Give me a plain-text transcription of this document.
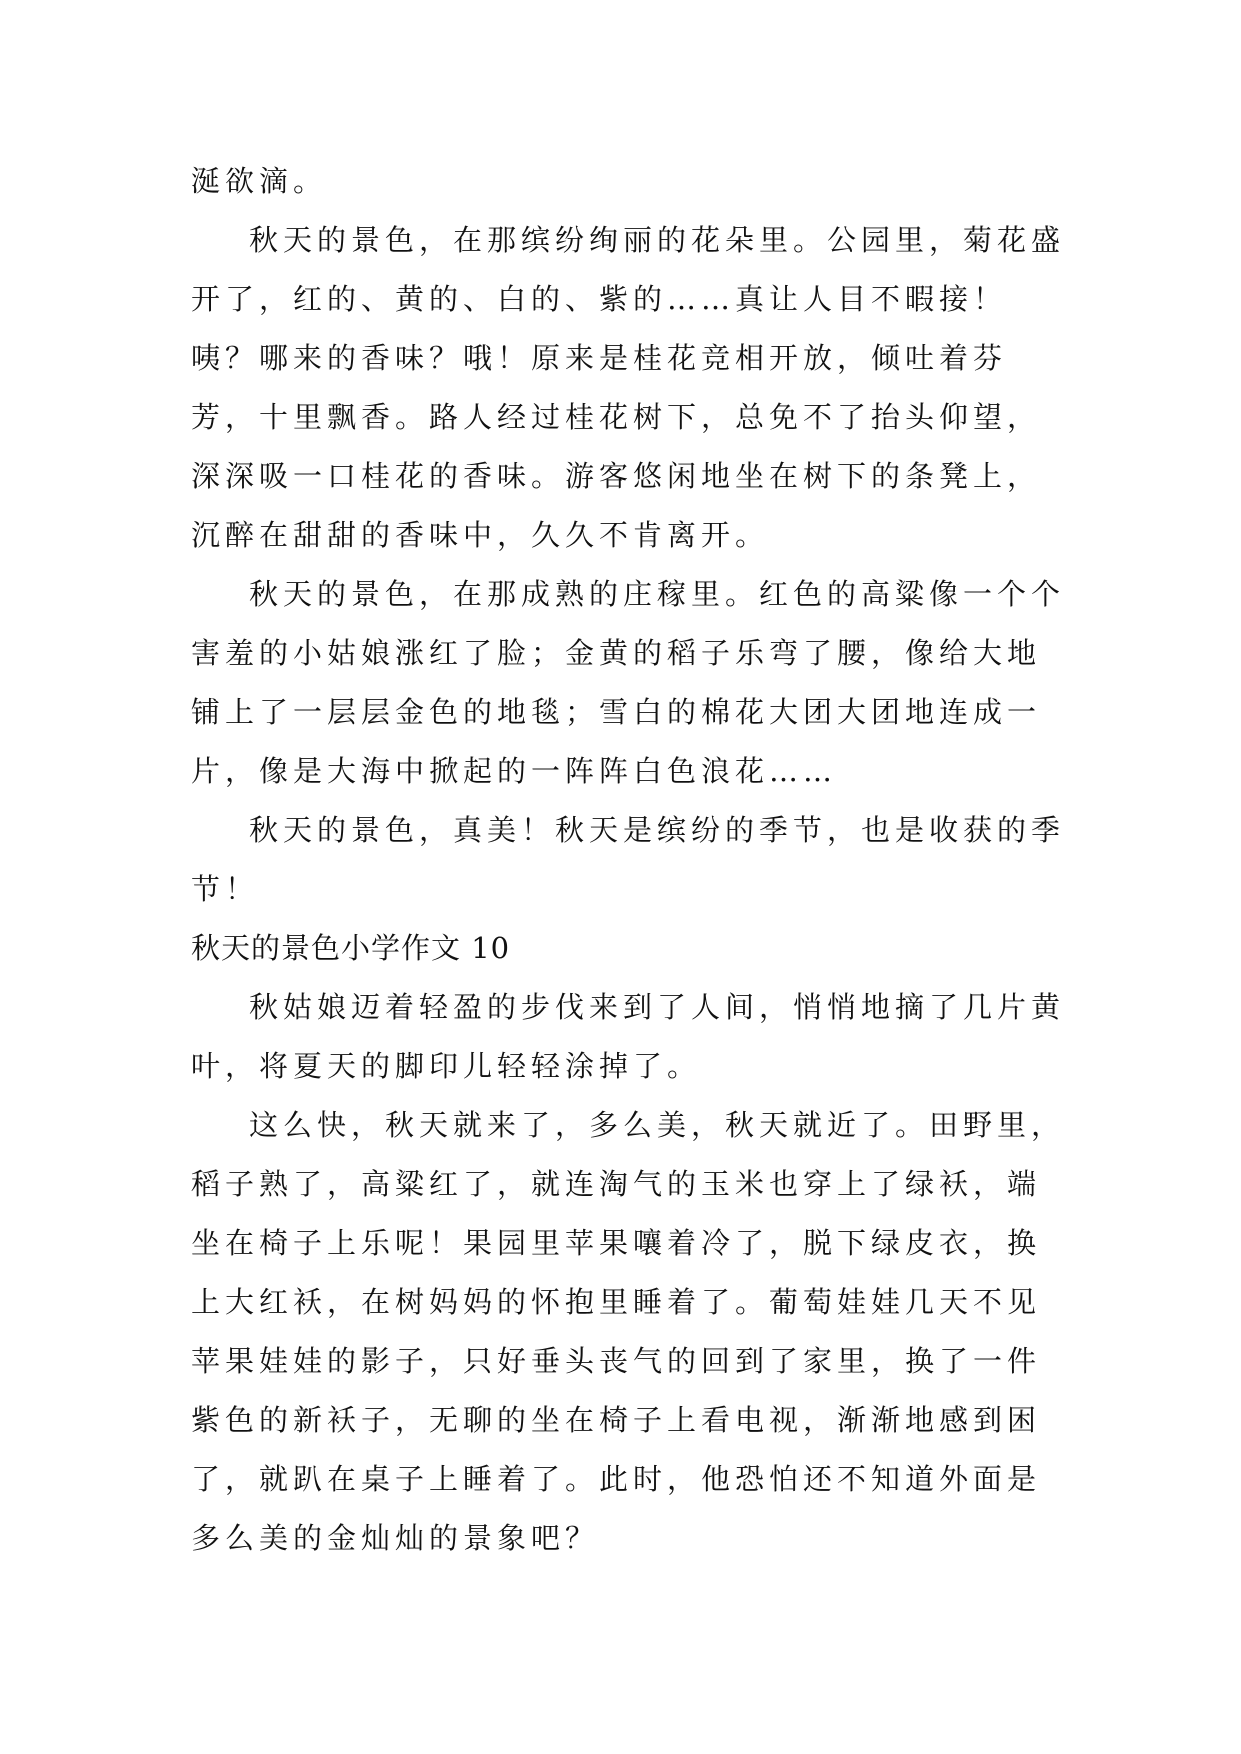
涎欲滴。

秋天的景色，在那缤纷绚丽的花朵里。公园里，菊花盛开了，红的、黄的、白的、紫的……真让人目不暇接！咦？哪来的香味？哦！原来是桂花竞相开放，倾吐着芬芳，十里飘香。路人经过桂花树下，总免不了抬头仰望，深深吸一口桂花的香味。游客悠闲地坐在树下的条凳上，沉醉在甜甜的香味中，久久不肯离开。

秋天的景色，在那成熟的庄稼里。红色的高粱像一个个害羞的小姑娘涨红了脸；金黄的稻子乐弯了腰，像给大地铺上了一层层金色的地毯；雪白的棉花大团大团地连成一片，像是大海中掀起的一阵阵白色浪花……

秋天的景色，真美！秋天是缤纷的季节，也是收获的季节！

秋天的景色小学作文 10

秋姑娘迈着轻盈的步伐来到了人间，悄悄地摘了几片黄叶，将夏天的脚印儿轻轻涂掉了。

这么快，秋天就来了，多么美，秋天就近了。田野里，稻子熟了，高粱红了，就连淘气的玉米也穿上了绿袄，端坐在椅子上乐呢！果园里苹果嚷着冷了，脱下绿皮衣，换上大红袄，在树妈妈的怀抱里睡着了。葡萄娃娃几天不见苹果娃娃的影子，只好垂头丧气的回到了家里，换了一件紫色的新袄子，无聊的坐在椅子上看电视，渐渐地感到困了，就趴在桌子上睡着了。此时，他恐怕还不知道外面是多么美的金灿灿的景象吧？
